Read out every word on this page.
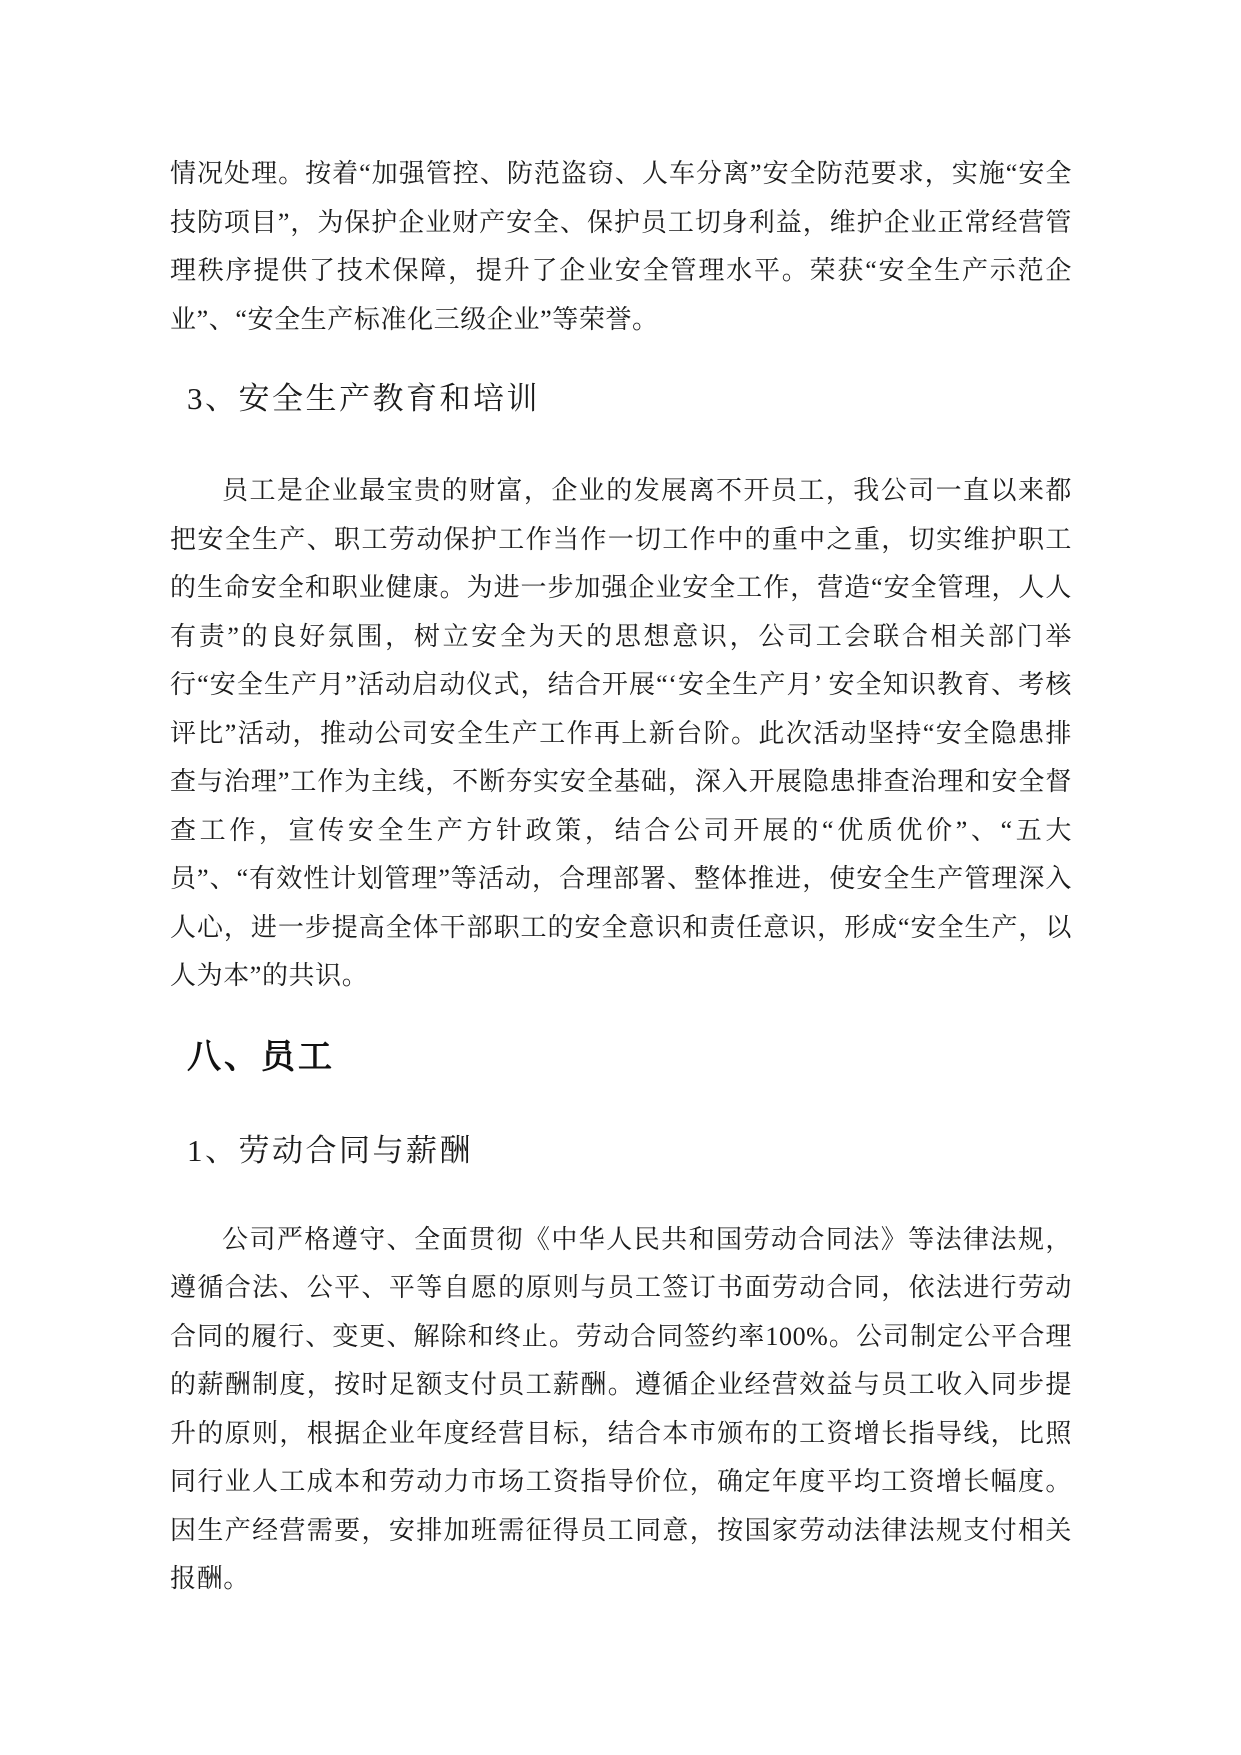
情况处理。按着“加强管控、防范盗窃、人车分离”安全防范要求，实施“安全技防项目”，为保护企业财产安全、保护员工切身利益，维护企业正常经营管理秩序提供了技术保障，提升了企业安全管理水平。荣获“安全生产示范企业”、“安全生产标准化三级企业”等荣誉。

3、安全生产教育和培训

员工是企业最宝贵的财富，企业的发展离不开员工，我公司一直以来都把安全生产、职工劳动保护工作当作一切工作中的重中之重，切实维护职工的生命安全和职业健康。为进一步加强企业安全工作，营造“安全管理，人人有责”的良好氛围，树立安全为天的思想意识，公司工会联合相关部门举行“安全生产月”活动启动仪式，结合开展“‘安全生产月’ 安全知识教育、考核评比”活动，推动公司安全生产工作再上新台阶。此次活动坚持“安全隐患排查与治理”工作为主线，不断夯实安全基础，深入开展隐患排查治理和安全督查工作，宣传安全生产方针政策，结合公司开展的“优质优价”、“五大员”、“有效性计划管理”等活动，合理部署、整体推进，使安全生产管理深入人心，进一步提高全体干部职工的安全意识和责任意识，形成“安全生产，以人为本”的共识。

八、员工
1、劳动合同与薪酬

公司严格遵守、全面贯彻《中华人民共和国劳动合同法》等法律法规，遵循合法、公平、平等自愿的原则与员工签订书面劳动合同，依法进行劳动合同的履行、变更、解除和终止。劳动合同签约率100%。公司制定公平合理的薪酬制度，按时足额支付员工薪酬。遵循企业经营效益与员工收入同步提升的原则，根据企业年度经营目标，结合本市颁布的工资增长指导线，比照同行业人工成本和劳动力市场工资指导价位，确定年度平均工资增长幅度。因生产经营需要，安排加班需征得员工同意，按国家劳动法律法规支付相关报酬。
